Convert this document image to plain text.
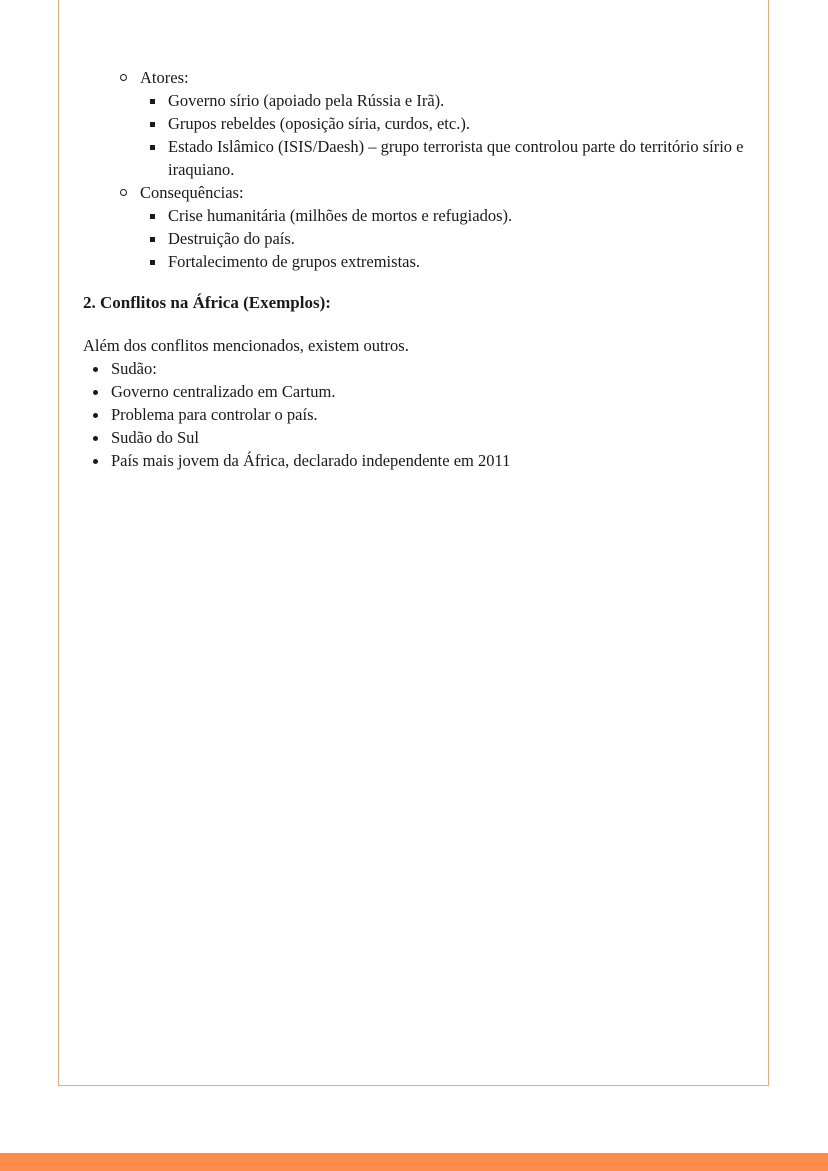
Atores:
Governo sírio (apoiado pela Rússia e Irã).
Grupos rebeldes (oposição síria, curdos, etc.).
Estado Islâmico (ISIS/Daesh) – grupo terrorista que controlou parte do território sírio e iraquiano.
Consequências:
Crise humanitária (milhões de mortos e refugiados).
Destruição do país.
Fortalecimento de grupos extremistas.
2. Conflitos na África (Exemplos):

Além dos conflitos mencionados, existem outros.

Sudão:
Governo centralizado em Cartum.
Problema para controlar o país.
Sudão do Sul
País mais jovem da África, declarado independente em 2011
